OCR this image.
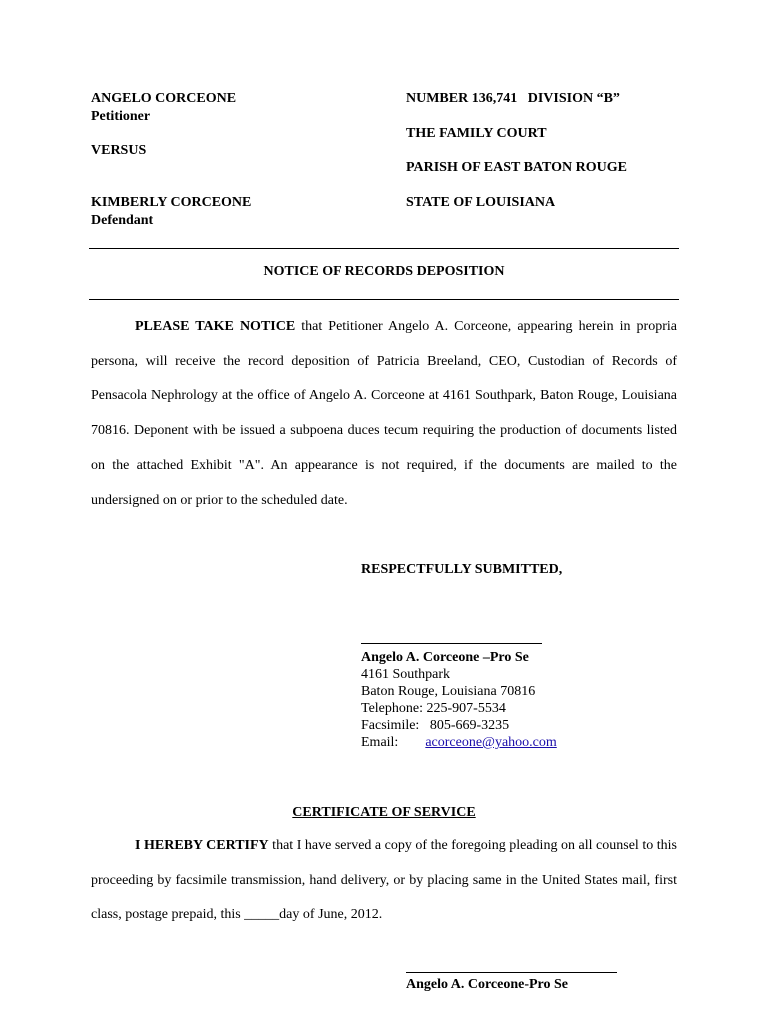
ANGELO CORCEONE
Petitioner
VERSUS
KIMBERLY CORCEONE
Defendant
NUMBER 136,741   DIVISION “B”
THE FAMILY COURT
PARISH OF EAST BATON ROUGE
STATE OF LOUISIANA
NOTICE OF RECORDS DEPOSITION
PLEASE TAKE NOTICE that Petitioner Angelo A. Corceone, appearing herein in propria persona, will receive the record deposition of Patricia Breeland, CEO, Custodian of Records of Pensacola Nephrology at the office of Angelo A. Corceone at 4161 Southpark, Baton Rouge, Louisiana 70816. Deponent with be issued a subpoena duces tecum requiring the production of documents listed on the attached Exhibit "A". An appearance is not required, if the documents are mailed to the undersigned on or prior to the scheduled date.
RESPECTFULLY SUBMITTED,
Angelo A. Corceone –Pro Se
4161 Southpark
Baton Rouge, Louisiana 70816
Telephone: 225-907-5534
Facsimile:   805-669-3235
Email: acorceone@yahoo.com
CERTIFICATE OF SERVICE
I HEREBY CERTIFY that I have served a copy of the foregoing pleading on all counsel to this proceeding by facsimile transmission, hand delivery, or by placing same in the United States mail, first class, postage prepaid, this _____day of June, 2012.
Angelo A. Corceone-Pro Se
